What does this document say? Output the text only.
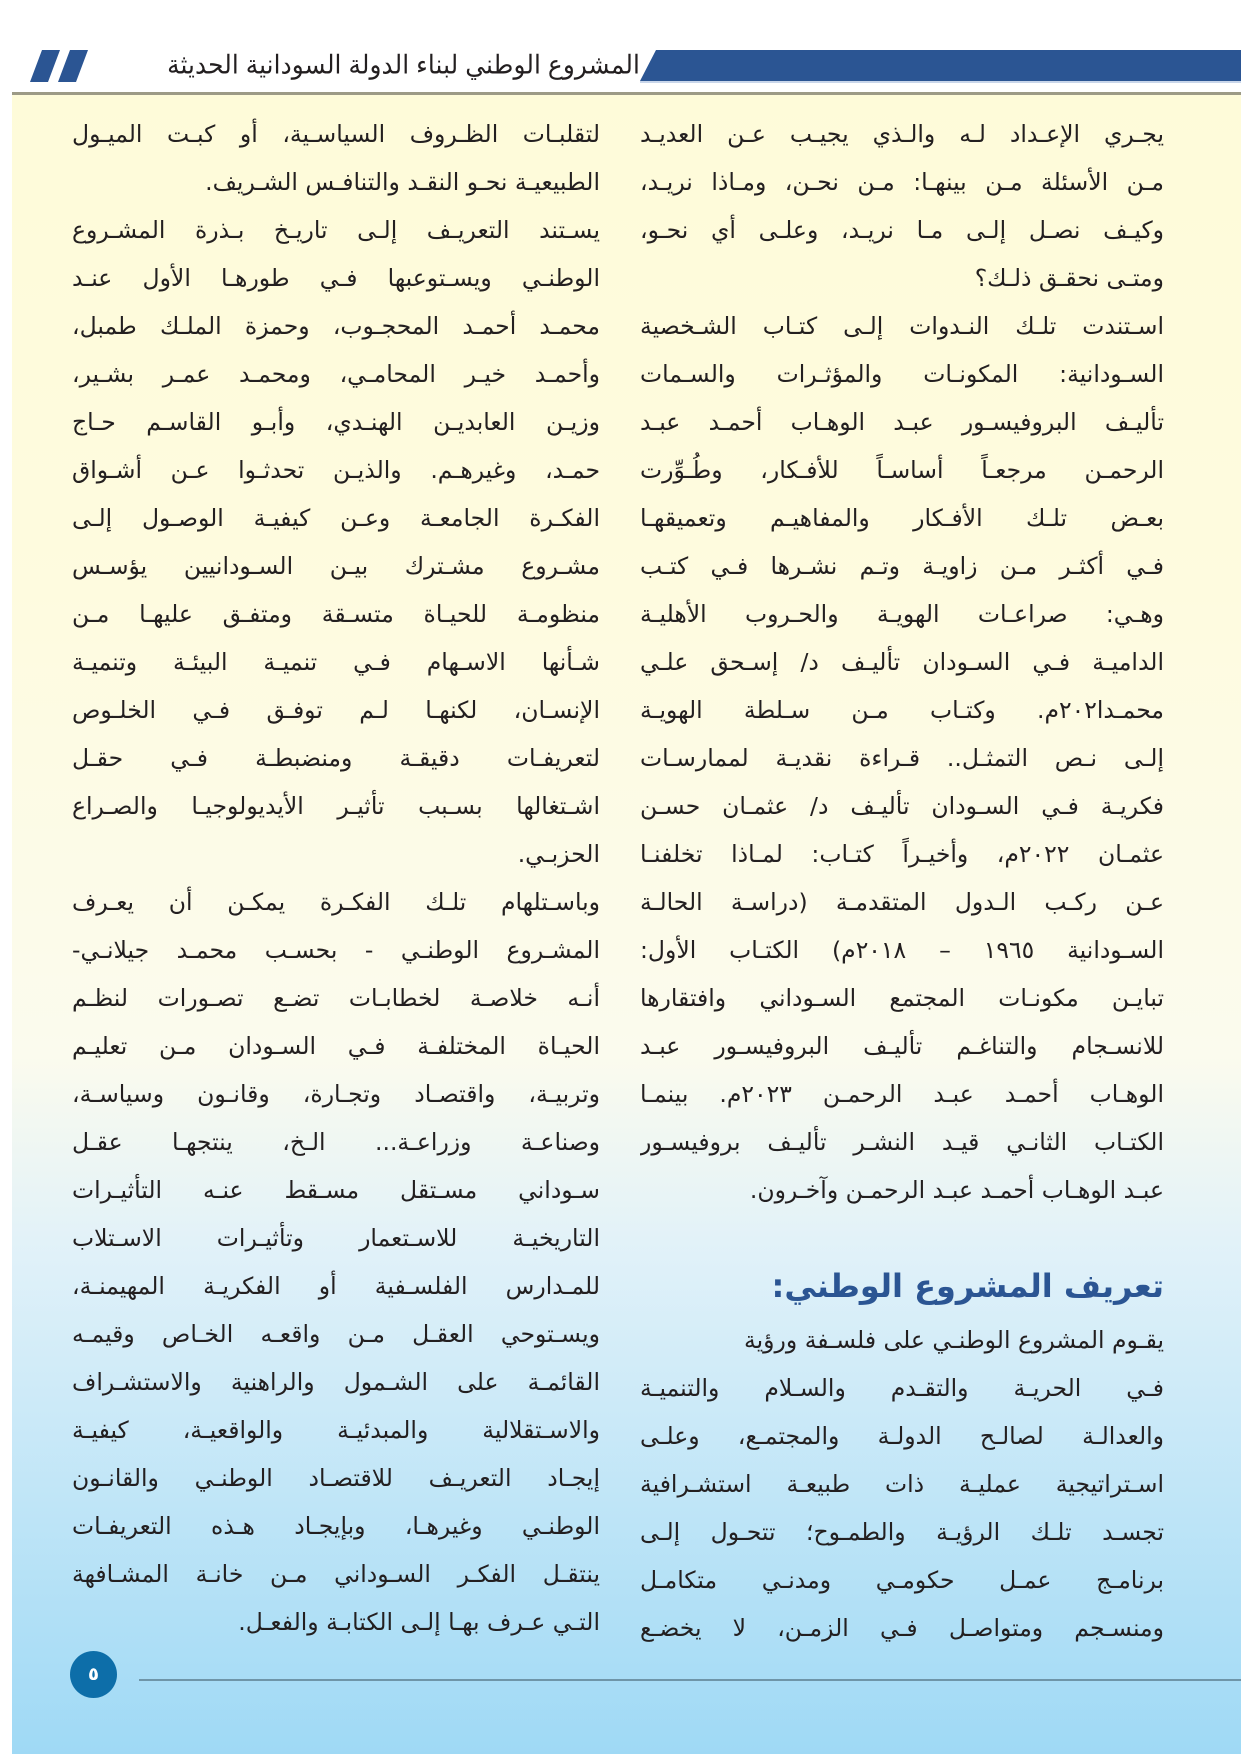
المشروع الوطني لبناء الدولة السودانية الحديثة
يجـري الإعـداد لـه والـذي يجيـب عـن العديـد
مـن الأسئلة مـن بينهـا: مـن نحـن، ومـاذا نريـد،
وكيـف نصـل إلـى مـا نريـد، وعلـى أي نحـو،
ومتـى نحقـق ذلـك؟
اسـتندت تلـك النـدوات إلـى كتـاب الشـخصية
السـودانية: المكونـات والمؤثـرات والسـمات
تأليـف البروفيسـور عبـد الوهـاب أحمـد عبـد
الرحمـن مرجعـاً أساسـاً للأفـكار، وطُـوِّرت
بعـض تلـك الأفـكار والمفاهيـم وتعميقهـا
فـي أكثـر مـن زاويـة وتـم نشـرها فـي كتـب
وهـي: صراعـات الهويـة والحـروب الأهليـة
الداميـة فـي السـودان تأليـف د/ إسـحق علـي
محمـدا٢٠٢م. وكتـاب مـن سـلطة الهويـة
إلـى نـص التمثـل.. قـراءة نقديـة لممارسـات
فكريـة فـي السـودان تأليـف د/ عثمـان حسـن
عثمـان ٢٠٢٢م، وأخيـراً كتـاب: لمـاذا تخلفنـا
عـن ركـب الـدول المتقدمـة (دراسـة الحالـة
السـودانية ١٩٦٥ – ٢٠١٨م) الكتـاب الأول:
تبايـن مكونـات المجتمع السـوداني وافتقارها
للانسـجام والتناغـم تأليـف البروفيسـور عبـد
الوهـاب أحمـد عبـد الرحمـن ٢٠٢٣م. بينمـا
الكتـاب الثانـي قيـد النشـر تأليـف بروفيسـور
عبـد الوهـاب أحمـد عبـد الرحمـن وآخـرون.
تعريف المشروع الوطني:
يقـوم المشروع الوطنـي على فلسـفة ورؤية
فـي الحريـة والتقـدم والسـلام والتنميـة
والعدالـة لصالـح الدولـة والمجتمـع، وعلـى
اسـتراتيجية عمليـة ذات طبيعـة استشـرافية
تجسـد تلـك الرؤيـة والطمـوح؛ تتحـول إلـى
برنامـج عمـل حكومـي ومدنـي متكامـل
ومنسـجم ومتواصـل فـي الزمـن، لا يخضـع
لتقلبـات الظـروف السياسـية، أو كبـت الميـول
الطبيعيـة نحـو النقـد والتنافـس الشـريف.
يسـتند التعريـف إلـى تاريـخ بـذرة المشـروع
الوطنـي ويسـتوعبها فـي طورهـا الأول عنـد
محمـد أحمـد المحجـوب، وحمزة الملـك طمبل،
وأحمـد خيـر المحامـي، ومحمـد عمـر بشـير،
وزيـن العابديـن الهنـدي، وأبـو القاسـم حـاج
حمـد، وغيرهـم. والذيـن تحدثـوا عـن أشـواق
الفكـرة الجامعـة وعـن كيفيـة الوصـول إلـى
مشـروع مشـترك بيـن السـودانيين يؤسـس
منظومـة للحيـاة متسـقة ومتفـق عليهـا مـن
شـأنها الاسـهام فـي تنميـة البيئـة وتنميـة
الإنسـان، لكنهـا لـم توفـق فـي الخلـوص
لتعريفـات دقيقـة ومنضبطـة فـي حقـل
اشـتغالها بسـبب تأثيـر الأيديولوجيـا والصـراع
الحزبـي.
وباسـتلهام تلـك الفكـرة يمكـن أن يعـرف
المشـروع الوطنـي - بحسـب محمـد جيلانـي-
أنـه خلاصـة لخطابـات تضـع تصـورات لنظـم
الحيـاة المختلفـة فـي السـودان مـن تعليـم
وتربيـة، واقتصـاد وتجـارة، وقانـون وسياسـة،
وصناعـة وزراعـة... الـخ، ينتجهـا عقـل
سـوداني مسـتقل مسـقط عنـه التأثيـرات
التاريخيـة للاسـتعمار وتأثيـرات الاسـتلاب
للمـدارس الفلسـفية أو الفكريـة المهيمنـة،
ويسـتوحي العقـل مـن واقعـه الخـاص وقيمـه
القائمـة على الشـمول والراهنية والاستشـراف
والاسـتقلالية والمبدئيـة والواقعيـة، كيفيـة
إيجـاد التعريـف للاقتصـاد الوطنـي والقانـون
الوطنـي وغيرهـا، وبإيجـاد هـذه التعريفـات
ينتقـل الفكـر السـوداني مـن خانـة المشـافهة
التـي عـرف بهـا إلـى الكتابـة والفعـل.
٥
